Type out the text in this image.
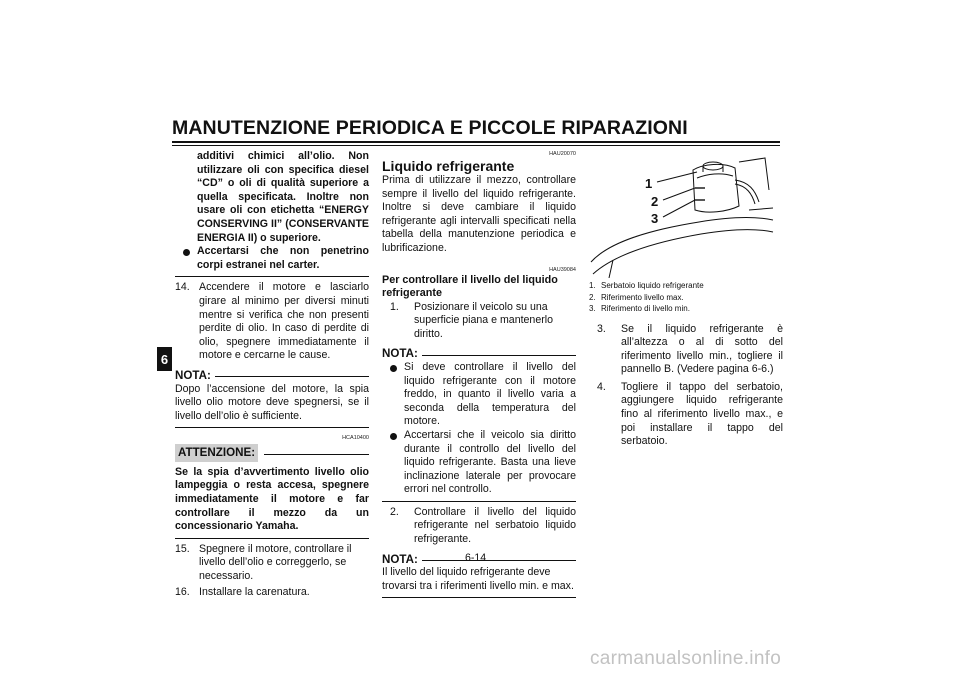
MANUTENZIONE PERIODICA E PICCOLE RIPARAZIONI
6
additivi chimici all’olio. Non utilizzare oli con specifica diesel “CD” o oli di qualità superiore a quella specificata. Inoltre non usare oli con etichetta “ENERGY CONSERVING II” (CONSERVANTE ENERGIA II) o superiore.
Accertarsi che non penetrino corpi estranei nel carter.
14. Accendere il motore e lasciarlo girare al minimo per diversi minuti mentre si verifica che non presenti perdite di olio. In caso di perdite di olio, spegnere immediatamente il motore e cercarne le cause.
NOTA:

Dopo l’accensione del motore, la spia livello olio motore deve spegnersi, se il livello dell’olio è sufficiente.

HCA10400
ATTENZIONE:

Se la spia d’avvertimento livello olio lampeggia o resta accesa, spegnere immediatamente il motore e far controllare il mezzo da un concessionario Yamaha.

15. Spegnere il motore, controllare il livello dell’olio e correggerlo, se necessario.
16. Installare la carenatura.
HAU20070
Liquido refrigerante

Prima di utilizzare il mezzo, controllare sempre il livello del liquido refrigerante. Inoltre si deve cambiare il liquido refrigerante agli intervalli specificati nella tabella della manutenzione periodica e lubrificazione.

HAU39084
Per controllare il livello del liquido refrigerante
1. Posizionare il veicolo su una superficie piana e mantenerlo diritto.
NOTA:
Si deve controllare il livello del liquido refrigerante con il motore freddo, in quanto il livello varia a seconda della temperatura del motore.
Accertarsi che il veicolo sia diritto durante il controllo del livello del liquido refrigerante. Basta una lieve inclinazione laterale per provocare errori nel controllo.
2. Controllare il livello del liquido refrigerante nel serbatoio liquido refrigerante.
NOTA:

Il livello del liquido refrigerante deve trovarsi tra i riferimenti livello min. e max.

1
2
3
1. Serbatoio liquido refrigerante
2. Riferimento livello max.
3. Riferimento di livello min.
3. Se il liquido refrigerante è all’altezza o al di sotto del riferimento livello min., togliere il pannello B. (Vedere pagina 6-6.)
4. Togliere il tappo del serbatoio, aggiungere liquido refrigerante fino al riferimento livello max., e poi installare il tappo del serbatoio.
6-14
carmanualsonline.info
